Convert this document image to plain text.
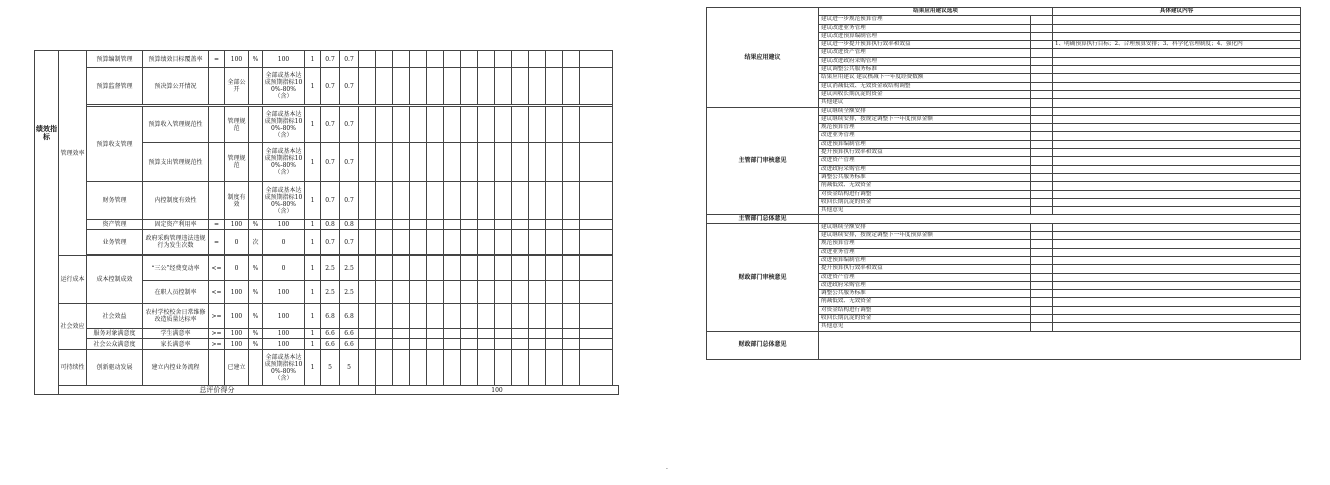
绩效指标	管理效率	预算编制管理	预算绩效目标覆盖率	=	100	%	100	1	0.7	0.7														
		预算监督管理	预决算公开情况		全部公开		全部或基本达成预期指标100%-80%（含）	1	0.7	0.7														

		预算收支管理	预算收入管理规范性		管理规范		全部或基本达成预期指标100%-80%（含）	1	0.7	0.7														
			预算支出管理规范性		管理规范		全部或基本达成预期指标100%-80%（含）	1	0.7	0.7														
		财务管理	内控制度有效性		制度有效		全部或基本达成预期指标100%-80%（含）	1	0.7	0.7														
		资产管理	固定资产利用率	=	100	%	100	1	0.8	0.8														
		业务管理	政府采购管理违法违规行为发生次数	=	0	次	0	1	0.7	0.7														

	运行成本	成本控制成效	“三公”经费变动率	<=	0	%	0	1	2.5	2.5														
			在职人员控制率	<=	100	%	100	1	2.5	2.5														
	社会效应	社会效益	农村学校校舍日常维修改造质量达标率	>=	100	%	100	1	6.8	6.8														
		服务对象满意度	学生满意率	>=	100	%	100	1	6.6	6.6														
		社会公众满意度	家长满意率	>=	100	%	100	1	6.6	6.6														
	可持续性	创新驱动发展	建立内控业务流程		已建立		全部或基本达成预期指标100%-80%（含）	1	5	5														
	总评价得分											100												
结果应用建议	结果应用建议选项		具体建议内容
	建议进一步规范预算管理		
	建议改进业务管理		
	建议改进预算编制管理		
	建议进一步提升预算执行效率和效益		1、明确预算执行目标；2、合理预算安排；3、科学化管理制度；4、强化内
	建议改进资产管理		
	建议改进政府采购管理		
	建议调整公共服务标准		
	结果应用建议 建议核减下一年度经费数额		
	建议消减低效、无效资金或结构调整		
	建议回收长期沉淀的资金		
	其他建议		
主管部门审核意见	建议继续全额安排		
	建议继续安排，按规定调整下一年度预算金额		
	规范预算管理		
	改进业务管理		
	改进预算编制管理		
	提升预算执行效率和效益		
	改进资产管理		
	改进政府采购管理		
	调整公共服务标准		
	削减低效、无效资金		
	对资金结构进行调整		
	收回长期沉淀的资金		
	其他意见		
主管部门总体意见			
财政部门审核意见	建议继续全额安排		
	建议继续安排，按规定调整下一年度预算金额		
	规范预算管理		
	改进业务管理		
	改进预算编制管理		
	提升预算执行效率和效益		
	改进资产管理		
	改进政府采购管理		
	调整公共服务标准		
	削减低效、无效资金		
	对资金结构进行调整		
	收回长期沉淀的资金		
	其他意见		
财政部门总体意见			
.
